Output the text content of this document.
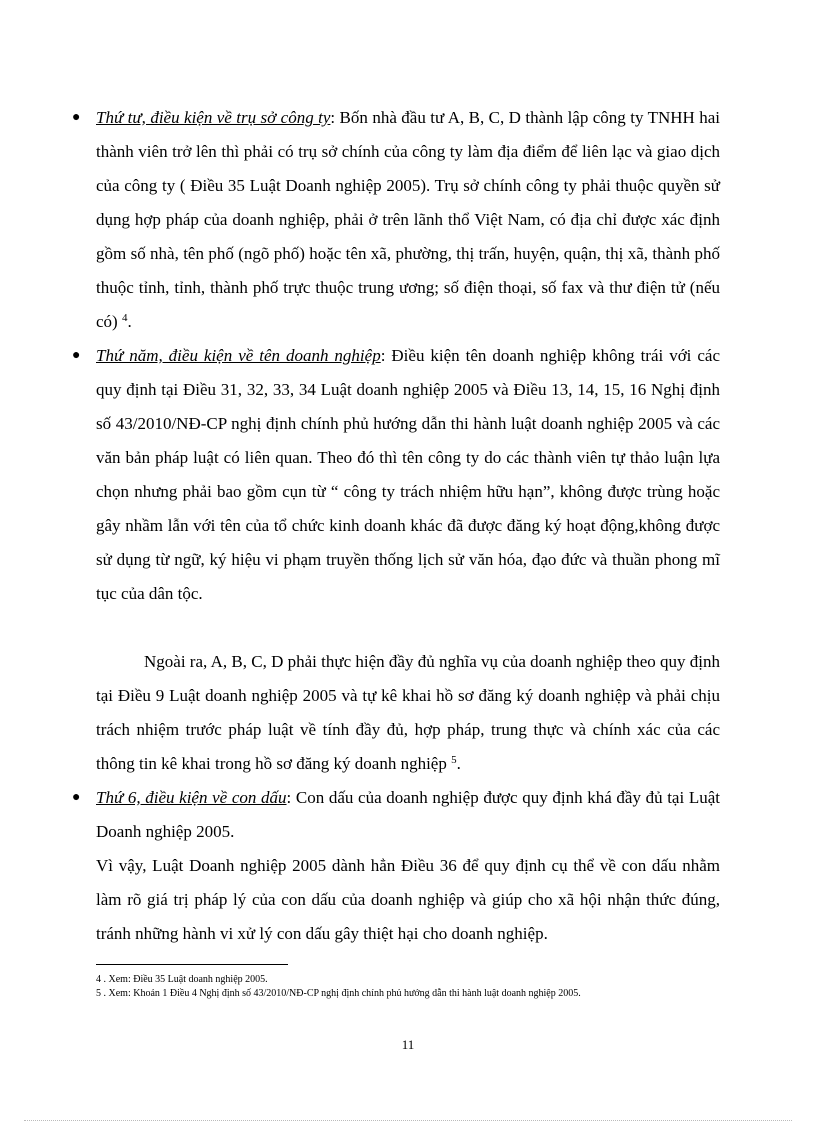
● Thứ tư, điều kiện về trụ sở công ty: Bốn nhà đầu tư A, B, C, D thành lập công ty TNHH hai thành viên trở lên thì phải có trụ sở chính của công ty làm địa điểm để liên lạc và giao dịch của công ty ( Điều 35 Luật Doanh nghiệp 2005). Trụ sở chính công ty phải thuộc quyền sử dụng hợp pháp của doanh nghiệp, phải ở trên lãnh thổ Việt Nam, có địa chỉ được xác định gồm số nhà, tên phố (ngõ phố) hoặc tên xã, phường, thị trấn, huyện, quận, thị xã, thành phố thuộc tỉnh, tỉnh, thành phố trực thuộc trung ương; số điện thoại, số fax và thư điện tử (nếu có) $^4$.
● Thứ năm, điều kiện về tên doanh nghiệp: Điều kiện tên doanh nghiệp không trái với các quy định tại Điều 31, 32, 33, 34 Luật doanh nghiệp 2005 và Điều 13, 14, 15, 16 Nghị định số 43/2010/NĐ-CP nghị định chính phủ hướng dẫn thi hành luật doanh nghiệp 2005 và các văn bản pháp luật có liên quan. Theo đó thì tên công ty do các thành viên tự thảo luận lựa chọn nhưng phải bao gồm cụn từ “ công ty trách nhiệm hữu hạn”, không được trùng hoặc gây nhầm lẫn với tên của tổ chức kinh doanh khác đã được đăng ký hoạt động,không được sử dụng từ ngữ, ký hiệu vi phạm truyền thống lịch sử văn hóa, đạo đức và thuần phong mĩ tục của dân tộc.
Ngoài ra, A, B, C, D phải thực hiện đầy đủ nghĩa vụ của doanh nghiệp theo quy định tại Điều 9 Luật doanh nghiệp 2005 và tự kê khai hồ sơ đăng ký doanh nghiệp và phải chịu trách nhiệm trước pháp luật về tính đầy đủ, hợp pháp, trung thực và chính xác của các thông tin kê khai trong hồ sơ đăng ký doanh nghiệp $^5$.
● Thứ 6, điều kiện về con dấu: Con dấu của doanh nghiệp được quy định khá đầy đủ tại Luật Doanh nghiệp 2005.
Vì vậy, Luật Doanh nghiệp 2005 dành hẳn Điều 36 để quy định cụ thể về con dấu nhằm làm rõ giá trị pháp lý của con dấu của doanh nghiệp và giúp cho xã hội nhận thức đúng, tránh những hành vi xử lý con dấu gây thiệt hại cho doanh nghiệp.
4 . Xem: Điều 35 Luật doanh nghiệp 2005.
5 . Xem: Khoản 1 Điều 4 Nghị định số 43/2010/NĐ-CP nghị định chính phủ hướng dẫn thi hành luật doanh nghiệp 2005.
11
